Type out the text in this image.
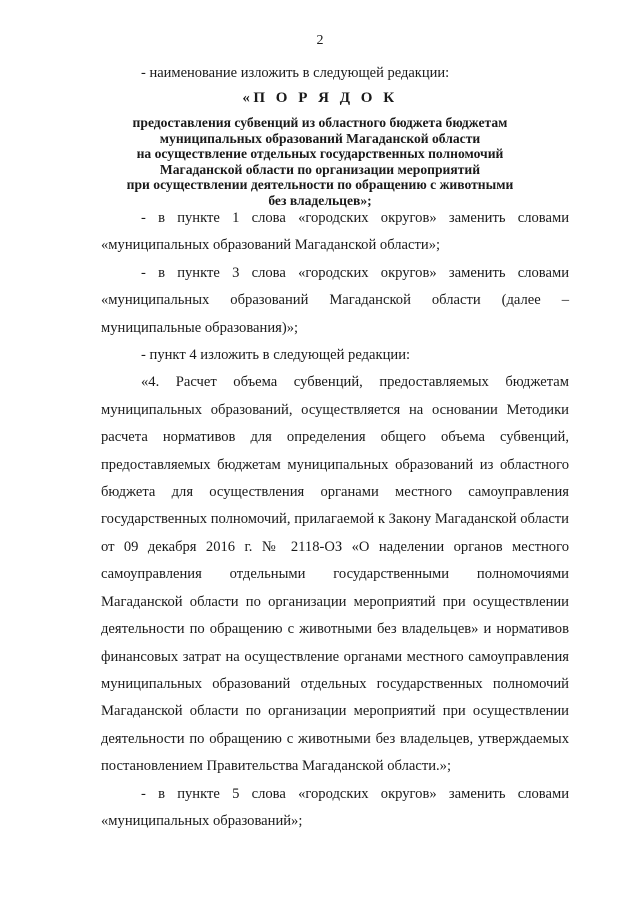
2
- наименование изложить в следующей редакции:
«П О Р Я Д О К
предоставления субвенций из областного бюджета бюджетам
муниципальных образований Магаданской области
на осуществление отдельных государственных полномочий
Магаданской области по организации мероприятий
при осуществлении деятельности по обращению с животными
без владельцев»;

- в пункте 1 слова «городских округов» заменить словами

«муниципальных образований Магаданской области»;

- в пункте 3 слова «городских округов» заменить словами

«муниципальных образований Магаданской области (далее –

муниципальные образования)»;

- пункт 4 изложить в следующей редакции:

«4. Расчет объема субвенций, предоставляемых бюджетам муниципальных образований, осуществляется на основании Методики расчета нормативов для определения общего объема субвенций, предоставляемых бюджетам муниципальных образований из областного бюджета для осуществления органами местного самоуправления государственных полномочий, прилагаемой к Закону Магаданской области от 09 декабря 2016 г. № 2118-ОЗ «О наделении органов местного самоуправления отдельными государственными полномочиями Магаданской области по организации мероприятий при осуществлении деятельности по обращению с животными без владельцев» и нормативов финансовых затрат на осуществление органами местного самоуправления муниципальных образований отдельных государственных полномочий Магаданской области по организации мероприятий при осуществлении деятельности по обращению с животными без владельцев, утверждаемых постановлением Правительства Магаданской области.»;

- в пункте 5 слова «городских округов» заменить словами

«муниципальных образований»;
